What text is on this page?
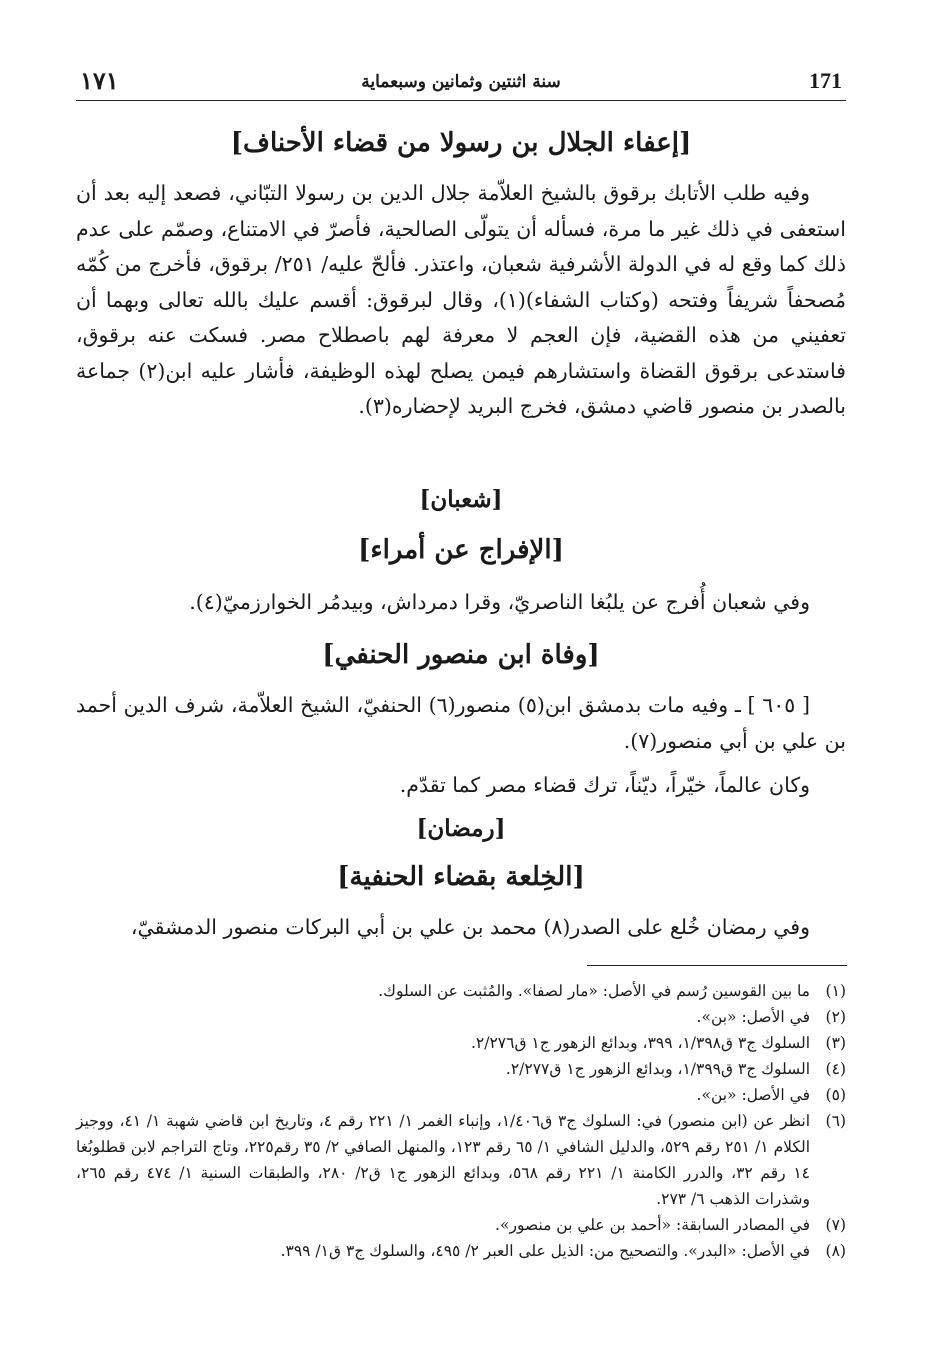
١٧١	سنة اثنتين وثمانين وسبعماية	171
[إعفاء الجلال بن رسولا من قضاء الأحناف]
وفيه طلب الأتابك برقوق بالشيخ العلاّمة جلال الدين بن رسولا التبّاني، فصعد إليه بعد أن استعفى في ذلك غير ما مرة، فسأله أن يتولّى الصالحية، فأصرّ في الامتناع، وصمّم على عدم ذلك كما وقع له في الدولة الأشرفية شعبان، واعتذر. فألحّ عليه/ ٢٥١/ برقوق، فأخرج من كُمّه مُصحفاً شريفاً وفتحه (وكتاب الشفاء)(١)، وقال لبرقوق: أقسم عليك بالله تعالى وبهما أن تعفيني من هذه القضية، فإن العجم لا معرفة لهم باصطلاح مصر. فسكت عنه برقوق، فاستدعى برقوق القضاة واستشارهم فيمن يصلح لهذه الوظيفة، فأشار عليه ابن(٢) جماعة بالصدر بن منصور قاضي دمشق، فخرج البريد لإحضاره(٣).
[شعبان]
[الإفراج عن أمراء]
وفي شعبان أُفرج عن يلبُغا الناصريّ، وقرا دمرداش، وبيدمُر الخوارزميّ(٤).
[وفاة ابن منصور الحنفي]
[ ٦٠٥ ] ـ وفيه مات بدمشق ابن(٥) منصور(٦) الحنفيّ، الشيخ العلاّمة، شرف الدين أحمد بن علي بن أبي منصور(٧).
وكان عالماً، خيّراً، ديّناً، ترك قضاء مصر كما تقدّم.
[رمضان]
[الخِلعة بقضاء الحنفية]
وفي رمضان خُلع على الصدر(٨) محمد بن علي بن أبي البركات منصور الدمشقيّ،
(١)
ما بين القوسين رُسم في الأصل: «مار لصفا». والمُثبت عن السلوك.
(٢)
في الأصل: «بن».
(٣)
السلوك ج٣ ق١/٣٩٨، ٣٩٩، وبدائع الزهور ج١ ق٢/٢٧٦.
(٤)
السلوك ج٣ ق١/٣٩٩، وبدائع الزهور ج١ ق٢/٢٧٧.
(٥)
في الأصل: «بن».
(٦)
انظر عن (ابن منصور) في: السلوك ج٣ ق١/٤٠٦، وإنباء الغمر ١/ ٢٢١ رقم ٤، وتاريخ ابن قاضي شهبة ١/ ٤١، ووجيز الكلام ١/ ٢٥١ رقم ٥٢٩، والدليل الشافي ١/ ٦٥ رقم ١٢٣، والمنهل الصافي ٢/ ٣٥ رقم٢٢٥، وتاج التراجم لابن قطلوبُغا ١٤ رقم ٣٢، والدرر الكامنة ١/ ٢٢١ رقم ٥٦٨، وبدائع الزهور ج١ ق٢/ ٢٨٠، والطبقات السنية ١/ ٤٧٤ رقم ٢٦٥، وشذرات الذهب ٦/ ٢٧٣.
(٧)
في المصادر السابقة: «أحمد بن علي بن منصور».
(٨)
في الأصل: «البدر». والتصحيح من: الذيل على العبر ٢/ ٤٩٥، والسلوك ج٣ ق١/ ٣٩٩.
